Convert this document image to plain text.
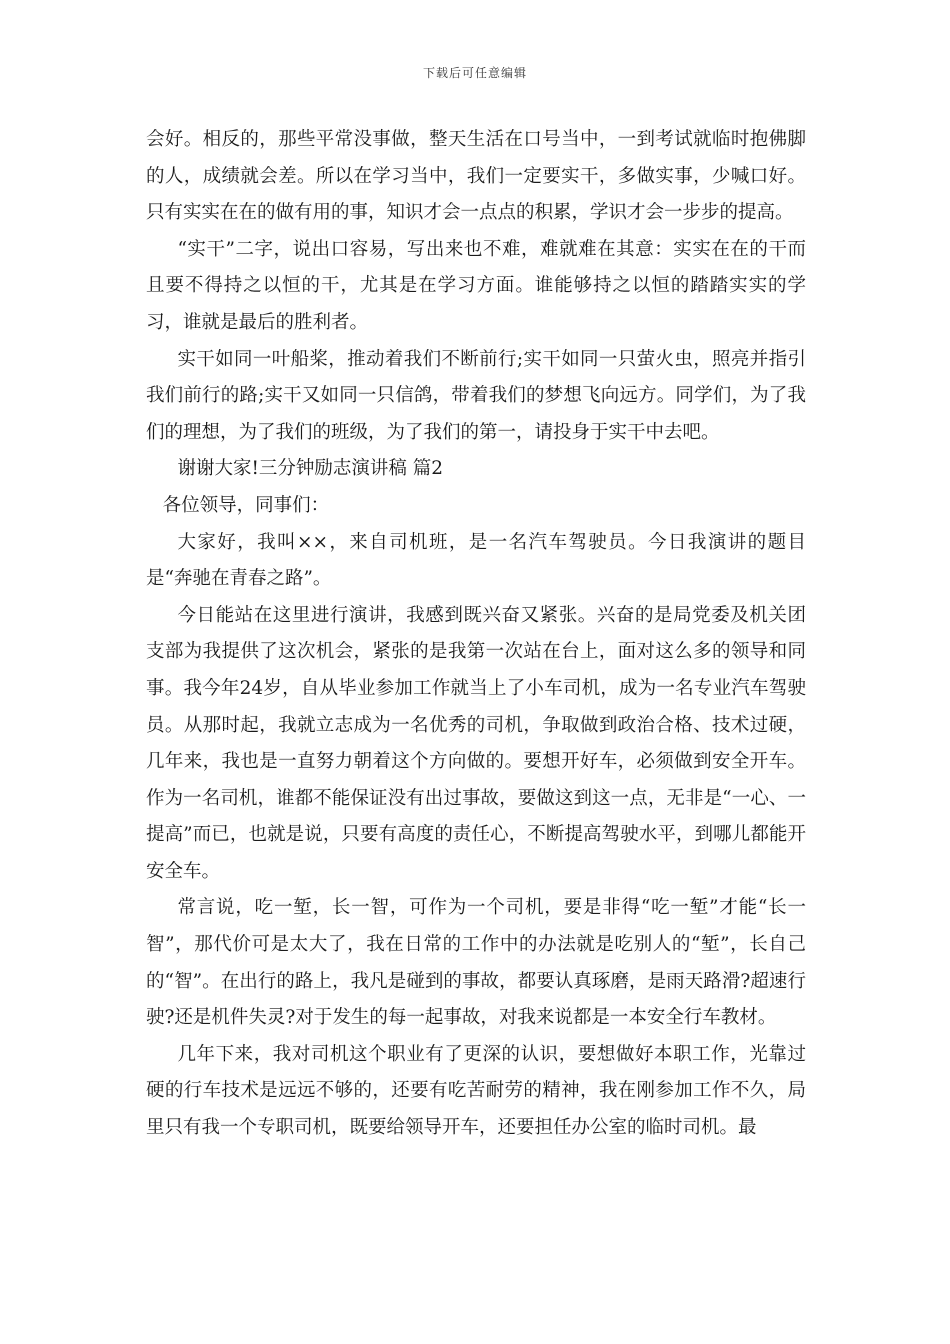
下载后可任意编辑

会好。相反的，那些平常没事做，整天生活在口号当中，一到考试就临时抱佛脚的人，成绩就会差。所以在学习当中，我们一定要实干，多做实事，少喊口好。只有实实在在的做有用的事，知识才会一点点的积累，学识才会一步步的提高。

“实干”二字，说出口容易，写出来也不难，难就难在其意：实实在在的干而且要不得持之以恒的干，尤其是在学习方面。谁能够持之以恒的踏踏实实的学习，谁就是最后的胜利者。

实干如同一叶船桨，推动着我们不断前行;实干如同一只萤火虫，照亮并指引我们前行的路;实干又如同一只信鸽，带着我们的梦想飞向远方。同学们，为了我们的理想，为了我们的班级，为了我们的第一，请投身于实干中去吧。

谢谢大家!三分钟励志演讲稿 篇2

各位领导，同事们：

大家好，我叫××，来自司机班，是一名汽车驾驶员。今日我演讲的题目是“奔驰在青春之路”。

今日能站在这里进行演讲，我感到既兴奋又紧张。兴奋的是局党委及机关团支部为我提供了这次机会，紧张的是我第一次站在台上，面对这么多的领导和同事。我今年24岁，自从毕业参加工作就当上了小车司机，成为一名专业汽车驾驶员。从那时起，我就立志成为一名优秀的司机，争取做到政治合格、技术过硬，几年来，我也是一直努力朝着这个方向做的。要想开好车，必须做到安全开车。作为一名司机，谁都不能保证没有出过事故，要做这到这一点，无非是“一心、一提高”而已，也就是说，只要有高度的责任心，不断提高驾驶水平，到哪儿都能开安全车。

常言说，吃一堑，长一智，可作为一个司机，要是非得“吃一堑”才能“长一智”，那代价可是太大了，我在日常的工作中的办法就是吃别人的“堑”，长自己的“智”。在出行的路上，我凡是碰到的事故，都要认真琢磨，是雨天路滑?超速行驶?还是机件失灵?对于发生的每一起事故，对我来说都是一本安全行车教材。

几年下来，我对司机这个职业有了更深的认识，要想做好本职工作，光靠过硬的行车技术是远远不够的，还要有吃苦耐劳的精神，我在刚参加工作不久，局里只有我一个专职司机，既要给领导开车，还要担任办公室的临时司机。最
